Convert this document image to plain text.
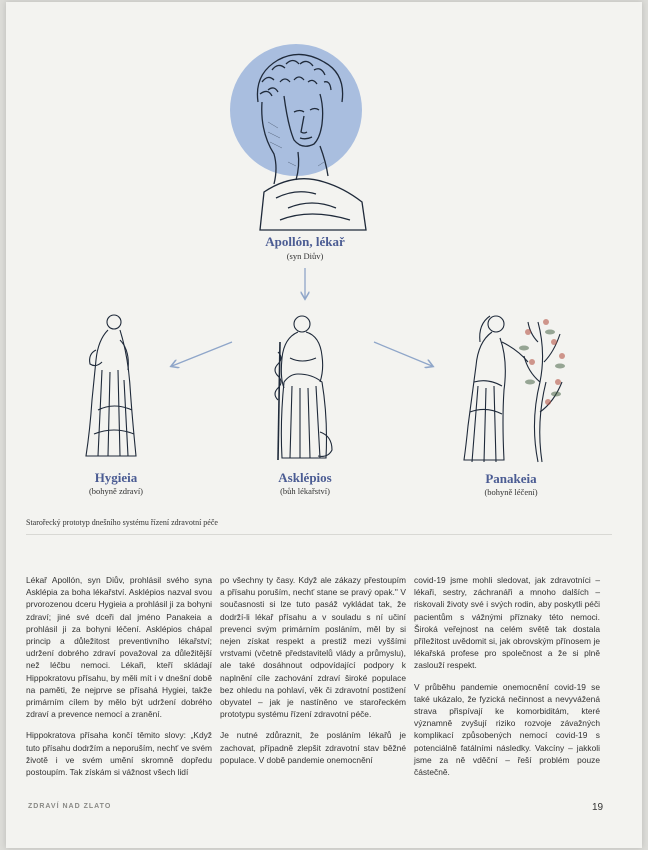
Apollón, lékař
(syn Diův)
Hygieia
(bohyně zdraví)
Asklépios
(bůh lékařství)
Panakeia
(bohyně léčení)
Starořecký prototyp dnešního systému řízení zdravotní péče

Lékař Apollón, syn Diův, prohlásil svého syna Asklépia za boha lékařství. Asklépios nazval svou prvorozenou dceru Hygieia a prohlásil ji za bohyni zdraví; jiné své dceři dal jméno Panakeia a prohlásil ji za bohyni léčení. Asklépios chápal princip a důležitost preventivního lékařství; udržení dobrého zdraví považoval za důležitější než léčbu nemoci. Lékaři, kteří skládají Hippokratovu přísahu, by měli mít i v dnešní době na paměti, že nejprve se přísahá Hygiei, takže primárním cílem by mělo být udržení dobrého zdraví a prevence nemocí a zranění.

Hippokratova přísaha končí těmito slovy: „Když tuto přísahu dodržím a neporuším, nechť ve svém životě i ve svém umění skromně dopředu postoupím. Tak získám si vážnost všech lidí

po všechny ty časy. Když ale zákazy přestoupím a přísahu poruším, nechť stane se pravý opak." V současnosti si lze tuto pasáž vykládat tak, že dodrží-li lékař přísahu a v souladu s ní učiní prevenci svým primárním posláním, měl by si nejen získat respekt a prestiž mezi vyššími vrstvami (včetně představitelů vlády a průmyslu), ale také dosáhnout odpovídající podpory k naplnění cíle zachování zdraví široké populace bez ohledu na pohlaví, věk či zdravotní postižení obyvatel – jak je nastíněno ve starořeckém prototypu systému řízení zdravotní péče.

Je nutné zdůraznit, že posláním lékařů je zachovat, případně zlepšit zdravotní stav běžné populace. V době pandemie onemocnění

covid-19 jsme mohli sledovat, jak zdravotníci – lékaři, sestry, záchranáři a mnoho dalších – riskovali životy své i svých rodin, aby poskytli péči pacientům s vážnými příznaky této nemoci. Široká veřejnost na celém světě tak dostala příležitost uvědomit si, jak obrovským přínosem je lékařská profese pro společnost a že si plně zaslouží respekt.

V průběhu pandemie onemocnění covid-19 se také ukázalo, že fyzická nečinnost a nevyvážená strava přispívají ke komorbiditám, které významně zvyšují riziko rozvoje závažných komplikací způsobených nemocí covid-19 s potenciálně fatálními následky. Vakcíny – jakkoli jsme za ně vděční – řeší problém pouze částečně.

ZDRAVÍ NAD ZLATO	19
